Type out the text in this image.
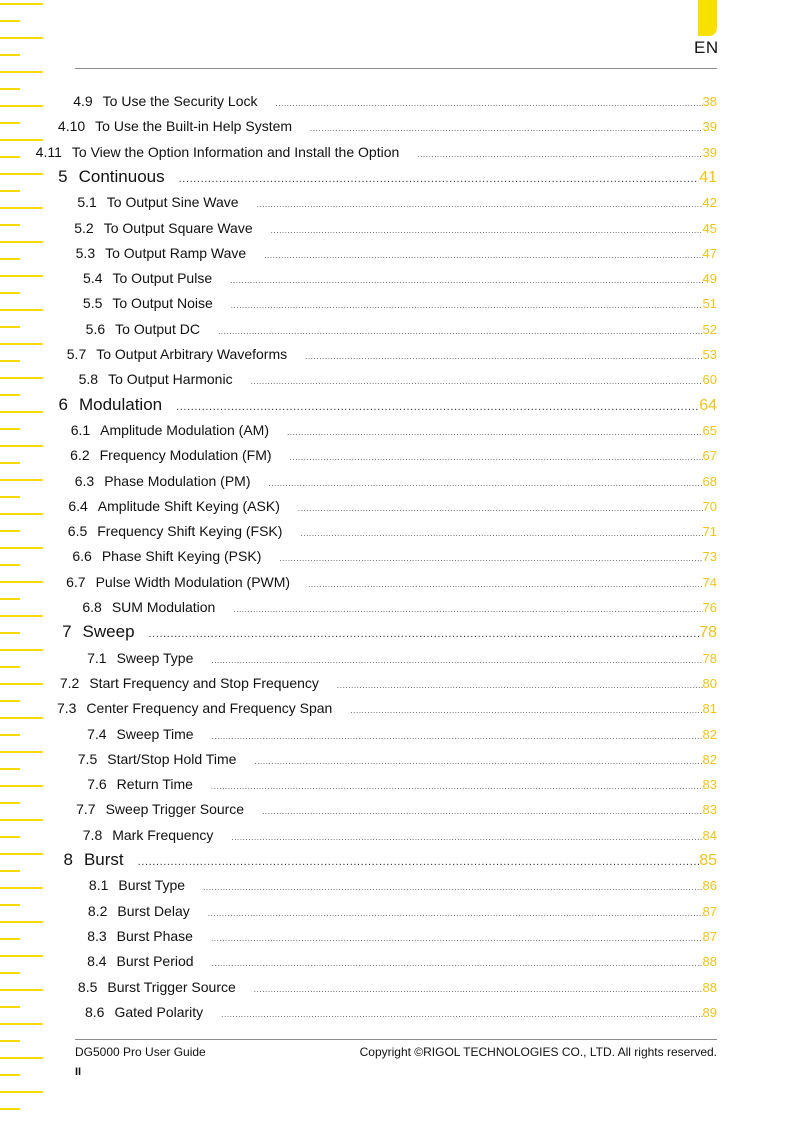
EN
4.9 To Use the Security Lock .....	38
4.10 To Use the Built-in Help System .....	39
4.11 To View the Option Information and Install the Option .....	39
5 Continuous .....	41
5.1 To Output Sine Wave .....	42
5.2 To Output Square Wave .....	45
5.3 To Output Ramp Wave .....	47
5.4 To Output Pulse .....	49
5.5 To Output Noise .....	51
5.6 To Output DC .....	52
5.7 To Output Arbitrary Waveforms .....	53
5.8 To Output Harmonic .....	60
6 Modulation .....	64
6.1 Amplitude Modulation (AM) .....	65
6.2 Frequency Modulation (FM) .....	67
6.3 Phase Modulation (PM) .....	68
6.4 Amplitude Shift Keying (ASK) .....	70
6.5 Frequency Shift Keying (FSK) .....	71
6.6 Phase Shift Keying (PSK) .....	73
6.7 Pulse Width Modulation (PWM) .....	74
6.8 SUM Modulation .....	76
7 Sweep .....	78
7.1 Sweep Type .....	78
7.2 Start Frequency and Stop Frequency .....	80
7.3 Center Frequency and Frequency Span .....	81
7.4 Sweep Time .....	82
7.5 Start/Stop Hold Time .....	82
7.6 Return Time .....	83
7.7 Sweep Trigger Source .....	83
7.8 Mark Frequency .....	84
8 Burst .....	85
8.1 Burst Type .....	86
8.2 Burst Delay .....	87
8.3 Burst Phase .....	87
8.4 Burst Period .....	88
8.5 Burst Trigger Source .....	88
8.6 Gated Polarity .....	89
DG5000 Pro User Guide	Copyright ©RIGOL TECHNOLOGIES CO., LTD. All rights reserved.
II
